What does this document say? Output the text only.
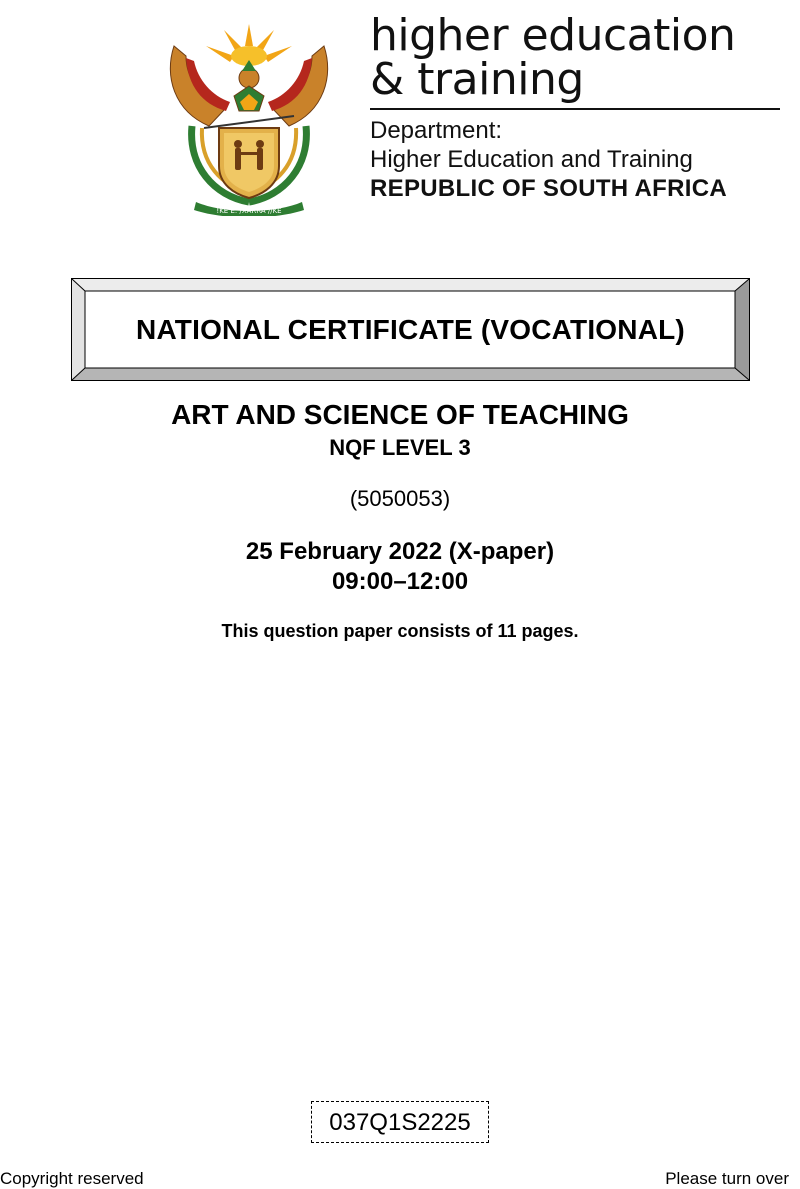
!KE E: /XARRA //KE

higher education

& training

Department:

Higher Education and Training

REPUBLIC OF SOUTH AFRICA

NATIONAL CERTIFICATE (VOCATIONAL)

ART AND SCIENCE OF TEACHING

NQF LEVEL 3

(5050053)

25 February 2022 (X-paper)

09:00–12:00

This question paper consists of 11 pages.

037Q1S2225

Copyright reserved	Please turn over
